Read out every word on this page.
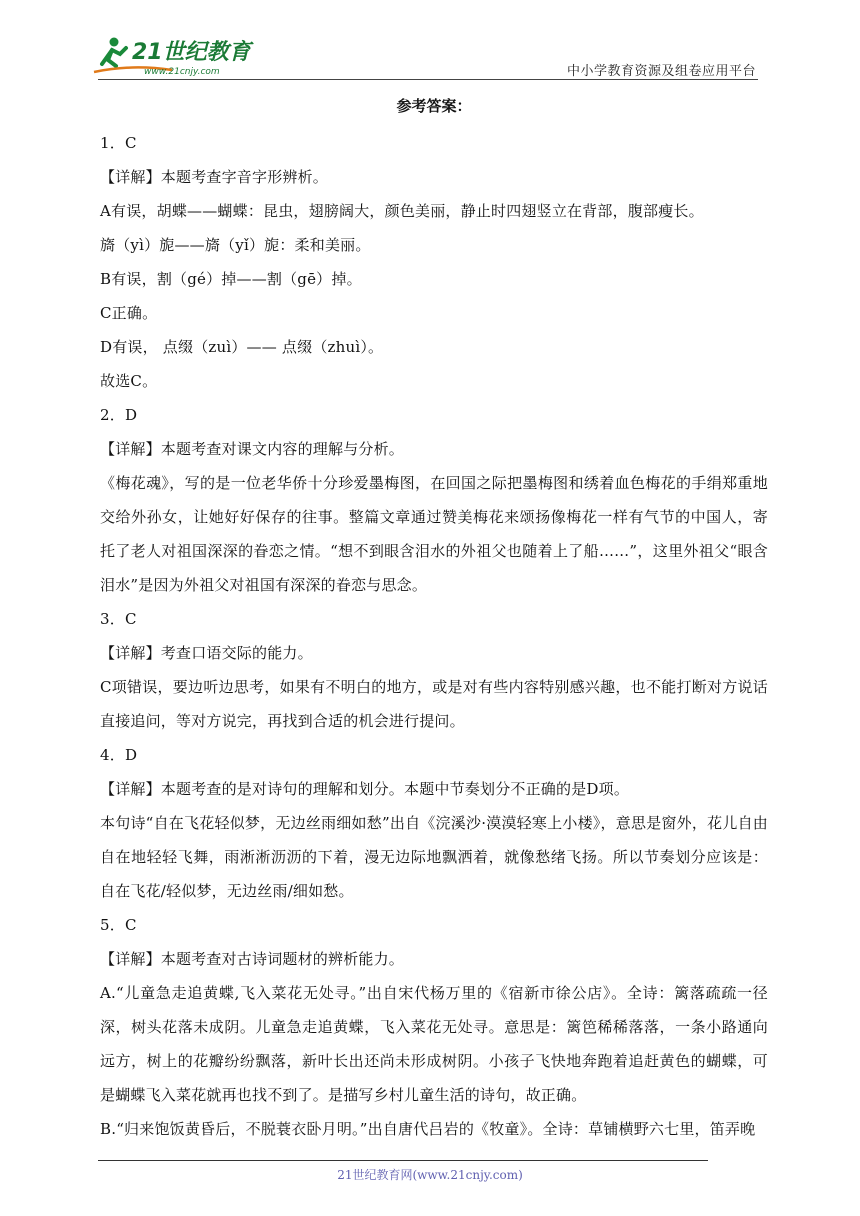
21世纪教育
www.21cnjy.com	中小学教育资源及组卷应用平台
参考答案：
1．C
【详解】本题考查字音字形辨析。
A有误，胡蝶——蝴蝶：昆虫，翅膀阔大，颜色美丽，静止时四翅竖立在背部，腹部瘦长。
旖（yì）旎——旖（yǐ）旎：柔和美丽。
B有误，割（gé）掉——割（gē）掉。
C正确。
D有误， 点缀（zuì）—— 点缀（zhuì）。
故选C。
2．D
【详解】本题考查对课文内容的理解与分析。
《梅花魂》，写的是一位老华侨十分珍爱墨梅图，在回国之际把墨梅图和绣着血色梅花的手绢郑重地交给外孙女，让她好好保存的往事。整篇文章通过赞美梅花来颂扬像梅花一样有气节的中国人，寄托了老人对祖国深深的眷恋之情。“想不到眼含泪水的外祖父也随着上了船……”，这里外祖父“眼含泪水”是因为外祖父对祖国有深深的眷恋与思念。
3．C
【详解】考查口语交际的能力。
C项错误，要边听边思考，如果有不明白的地方，或是对有些内容特别感兴趣，也不能打断对方说话直接追问，等对方说完，再找到合适的机会进行提问。
4．D
【详解】本题考查的是对诗句的理解和划分。本题中节奏划分不正确的是D项。
本句诗“自在飞花轻似梦，无边丝雨细如愁”出自《浣溪沙·漠漠轻寒上小楼》，意思是窗外，花儿自由自在地轻轻飞舞，雨淅淅沥沥的下着，漫无边际地飘洒着，就像愁绪飞扬。所以节奏划分应该是：自在飞花/轻似梦，无边丝雨/细如愁。
5．C
【详解】本题考查对古诗词题材的辨析能力。
A.“儿童急走追黄蝶,飞入菜花无处寻。”出自宋代杨万里的《宿新市徐公店》。全诗：篱落疏疏一径深，树头花落未成阴。儿童急走追黄蝶，飞入菜花无处寻。意思是：篱笆稀稀落落，一条小路通向远方，树上的花瓣纷纷飘落，新叶长出还尚未形成树阴。小孩子飞快地奔跑着追赶黄色的蝴蝶，可是蝴蝶飞入菜花就再也找不到了。是描写乡村儿童生活的诗句，故正确。
B.“归来饱饭黄昏后，不脱蓑衣卧月明。”出自唐代吕岩的《牧童》。全诗：草铺横野六七里，笛弄晚
21世纪教育网(www.21cnjy.com)
